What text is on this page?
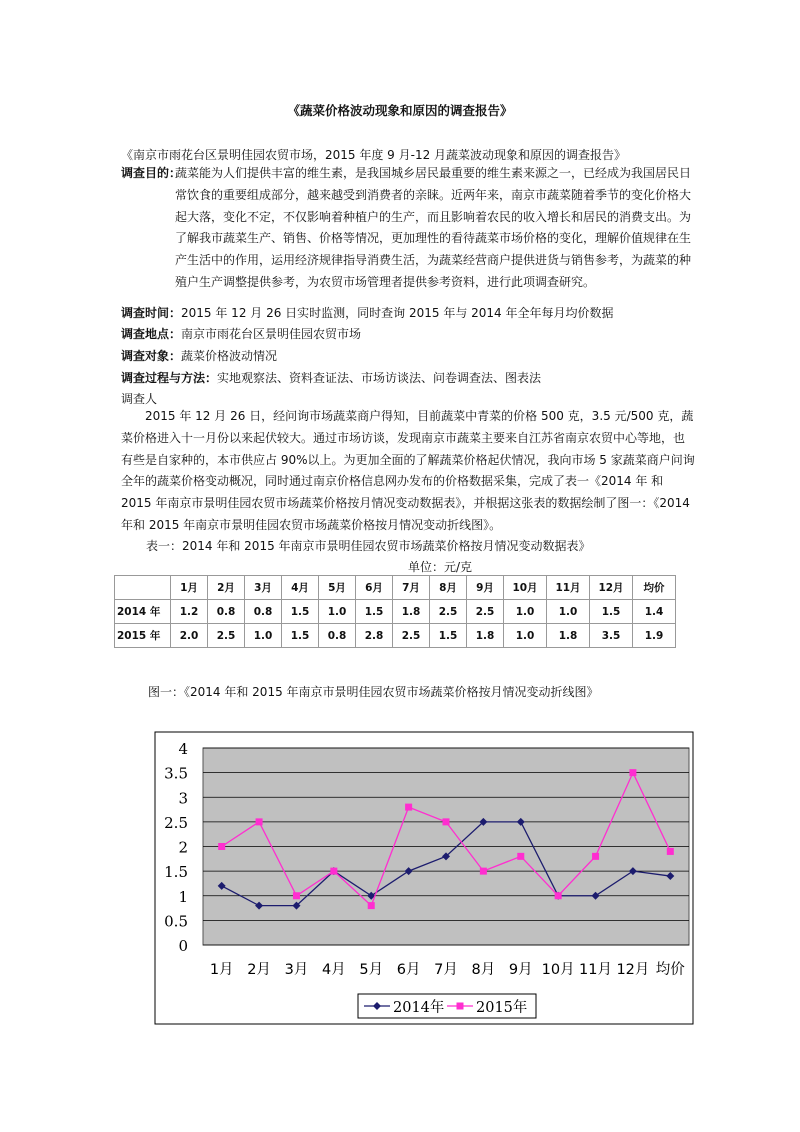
《蔬菜价格波动现象和原因的调查报告》
《南京市雨花台区景明佳园农贸市场，2015 年度 9 月-12 月蔬菜波动现象和原因的调查报告》
调查目的：
蔬菜能为人们提供丰富的维生素，是我国城乡居民最重要的维生素来源之一，已经成为我国居民日常饮食的重要组成部分，越来越受到消费者的亲睐。近两年来，南京市蔬菜随着季节的变化价格大起大落，变化不定，不仅影响着种植户的生产，而且影响着农民的收入增长和居民的消费支出。为了解我市蔬菜生产、销售、价格等情况，更加理性的看待蔬菜市场价格的变化，理解价值规律在生产生活中的作用，运用经济规律指导消费生活，为蔬菜经营商户提供进货与销售参考，为蔬菜的种殖户生产调整提供参考，为农贸市场管理者提供参考资料，进行此项调查研究。
调查时间：2015 年 12 月 26 日实时监测，同时查询 2015 年与 2014 年全年每月均价数据
调查地点：南京市雨花台区景明佳园农贸市场
调查对象：蔬菜价格波动情况
调查过程与方法：实地观察法、资料查证法、市场访谈法、问卷调查法、图表法
调查人
2015 年 12 月 26 日，经问询市场蔬菜商户得知，目前蔬菜中青菜的价格 500 克，3.5 元/500 克，蔬菜价格进入十一月份以来起伏较大。通过市场访谈，发现南京市蔬菜主要来自江苏省南京农贸中心等地，也有些是自家种的，本市供应占 90%以上。为更加全面的了解蔬菜价格起伏情况，我向市场 5 家蔬菜商户问询全年的蔬菜价格变动概况，同时通过南京价格信息网办发布的价格数据采集，完成了表一《2014 年 和 2015 年南京市景明佳园农贸市场蔬菜价格按月情况变动数据表》，并根据这张表的数据绘制了图一：《2014 年和 2015 年南京市景明佳园农贸市场蔬菜价格按月情况变动折线图》。
表一：2014 年和 2015 年南京市景明佳园农贸市场蔬菜价格按月情况变动数据表》
单位：元/克
	1月	2月	3月	4月	5月	6月	7月	8月	9月	10月	11月	12月	均价
2014 年	1.2	0.8	0.8	1.5	1.0	1.5	1.8	2.5	2.5	1.0	1.0	1.5	1.4
2015 年	2.0	2.5	1.0	1.5	0.8	2.8	2.5	1.5	1.8	1.0	1.8	3.5	1.9
图一：《2014 年和 2015 年南京市景明佳园农贸市场蔬菜价格按月情况变动折线图》
0
0.5
1
1.5
2
2.5
3
3.5
4
1月 2月 3月 4月 5月 6月 7月 8月 9月 10月 11月 12月 均价
2014年 2015年
